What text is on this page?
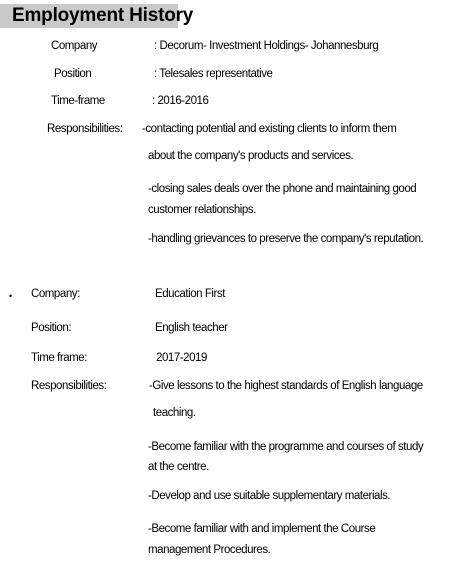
Employment History
Company	: Decorum- Investment Holdings- Johannesburg
Position	: Telesales representative
Time-frame	: 2016-2016
Responsibilities: -contacting potential and existing clients to inform them
about the company's products and services.
-closing sales deals over the phone and maintaining good
customer relationships.
-handling grievances to preserve the company's reputation.
• Company:	Education First
Position:	English teacher
Time frame:	2017-2019
Responsibilities:	-Give lessons to the highest standards of English language
teaching.
-Become familiar with the programme and courses of study
at the centre.
-Develop and use suitable supplementary materials.
-Become familiar with and implement the Course
management Procedures.
